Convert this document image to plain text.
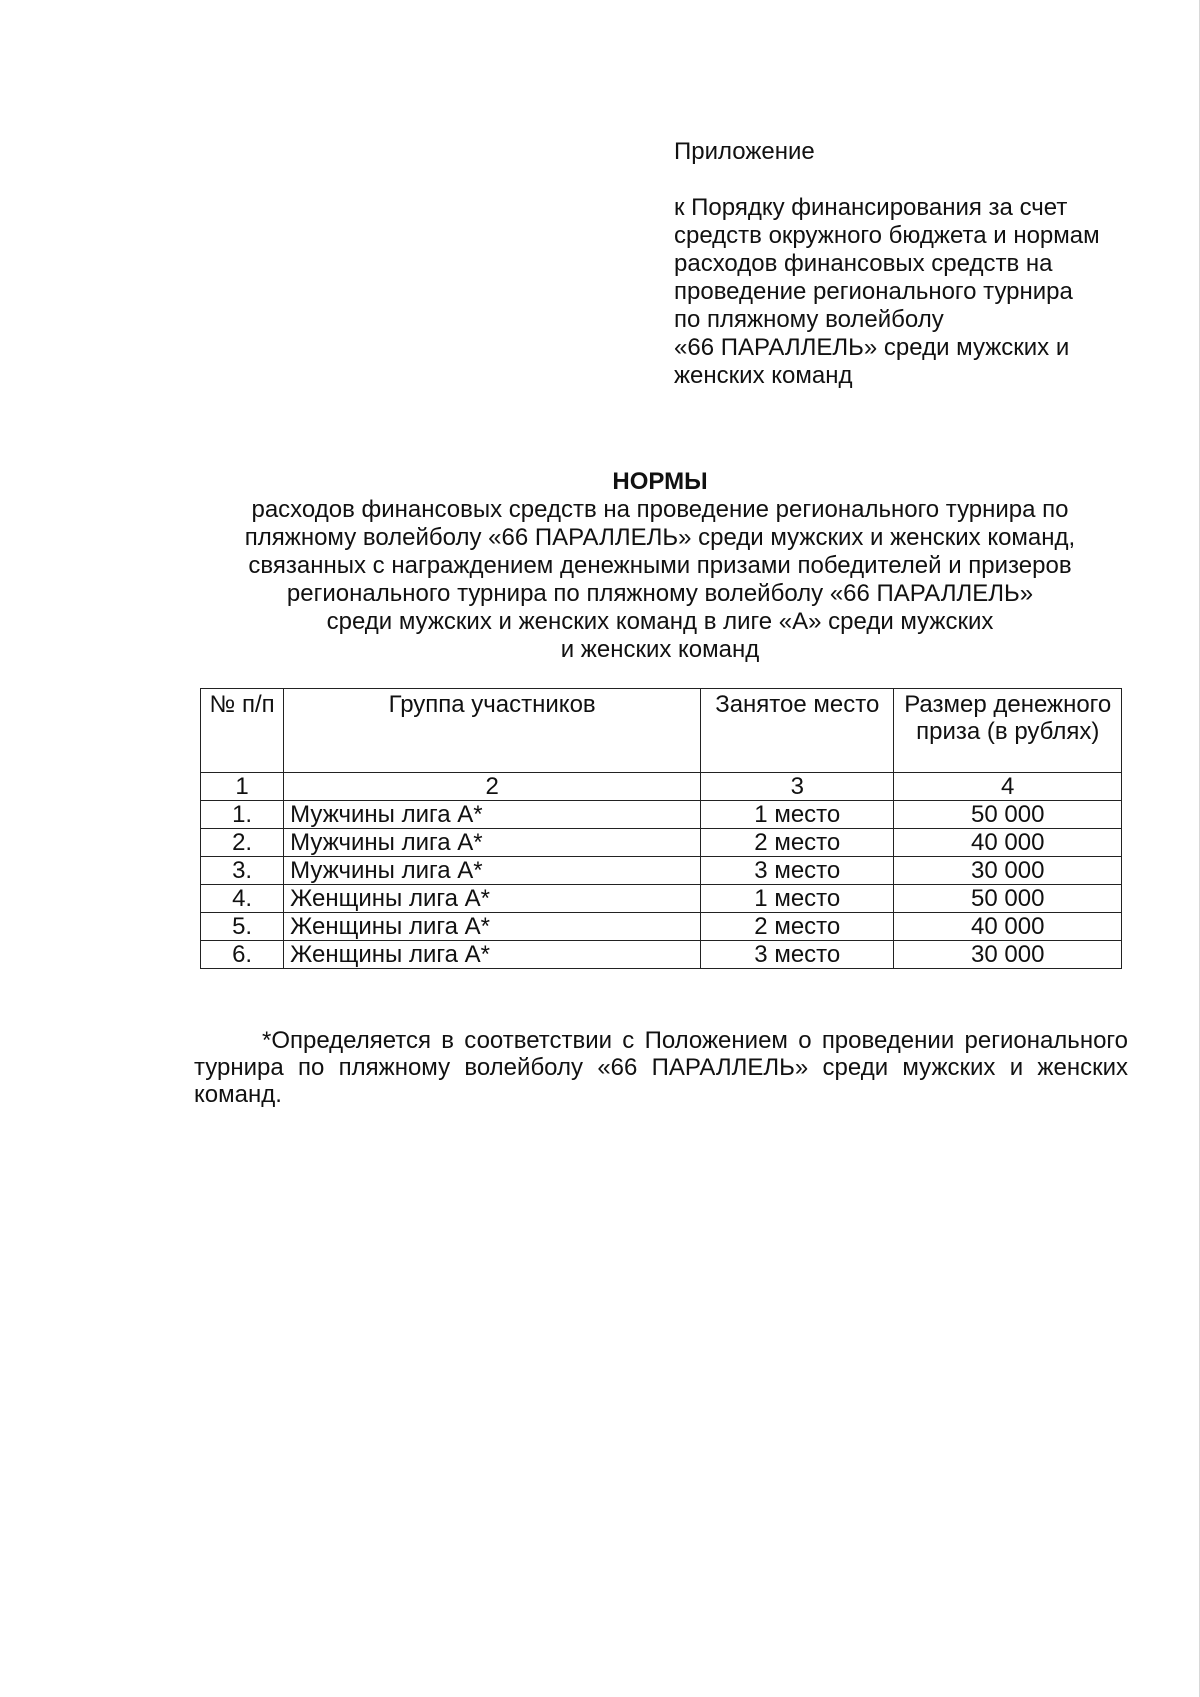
Приложение
к Порядку финансирования за счет
средств окружного бюджета и нормам
расходов финансовых средств на
проведение регионального турнира
по пляжному волейболу
«66 ПАРАЛЛЕЛЬ» среди мужских и
женских команд
НОРМЫ
расходов финансовых средств на проведение регионального турнира по
пляжному волейболу «66 ПАРАЛЛЕЛЬ» среди мужских и женских команд,
связанных с награждением денежными призами победителей и призеров
регионального турнира по пляжному волейболу «66 ПАРАЛЛЕЛЬ»
среди мужских и женских команд в лиге «А» среди мужских
и женских команд
№ п/п	Группа участников	Занятое место	Размер денежного приза (в рублях)
1	2	3	4
1.	Мужчины лига А*	1 место	50 000
2.	Мужчины лига А*	2 место	40 000
3.	Мужчины лига А*	3 место	30 000
4.	Женщины лига А*	1 место	50 000
5.	Женщины лига А*	2 место	40 000
6.	Женщины лига А*	3 место	30 000

*Определяется в соответствии с Положением о проведении регионального турнира по пляжному волейболу «66 ПАРАЛЛЕЛЬ» среди мужских и женских команд.
